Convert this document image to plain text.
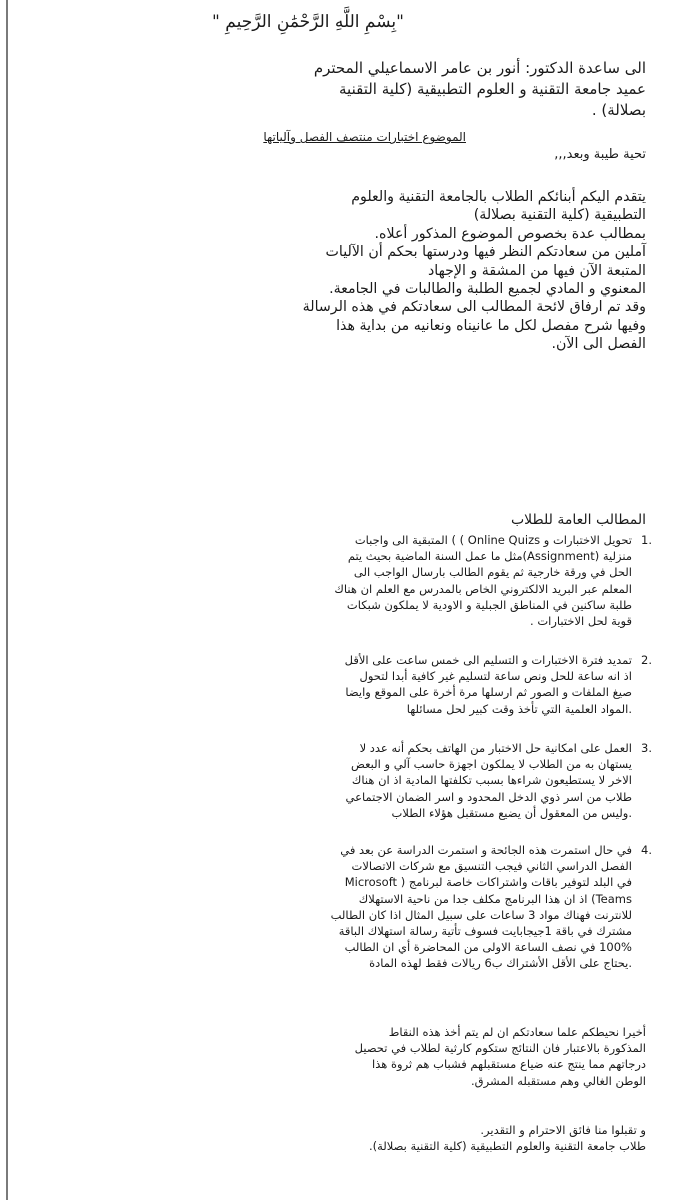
"بِسْمِ اللَّهِ الرَّحْمَٰنِ الرَّحِيمِ "

الى ساعدة الدكتور: أنور بن عامر الاسماعيلي المحترم

عميد جامعة التقنية و العلوم التطبيقية (كلية التقنية

بصلالة) .

الموضوع اختبارات منتصف الفصل وآلياتها

تحية طيبة وبعد,,,

يتقدم اليكم أبنائكم الطلاب بالجامعة التقنية والعلوم

التطبيقية (كلية التقنية بصلالة)

بمطالب عدة بخصوص الموضوع المذكور أعلاه.

آملين من سعادتكم النظر فيها ودرستها بحكم أن الآليات

المتبعة الآن فيها من المشقة و الإجهاد

المعنوي و المادي لجميع الطلبة والطالبات في الجامعة.

وقد تم ارفاق لائحة المطالب الى سعادتكم في هذه الرسالة

وفيها شرح مفصل لكل ما عانيناه ونعانيه من بداية هذا

الفصل الى الآن.

المطالب العامة للطلاب

1.

تحويل الاختبارات و Online Quizs ) ) المتبقية الى واجبات

منزلية (Assignment)مثل ما عمل السنة الماضية بحيث يتم

الحل في ورقة خارجية ثم يقوم الطالب بارسال الواجب الى

المعلم عبر البريد الالكتروني الخاص بالمدرس مع العلم ان هناك

طلبة ساكنين في المناطق الجبلية و الاودية لا يملكون شبكات

قوية لحل الاختبارات .

2.

تمديد فترة الاختبارات و التسليم الى خمس ساعت على الأقل

اذ انه ساعة للحل ونص ساعة لتسليم غير كافية أبدا لتحول

صيغ الملفات و الصور ثم ارسلها مرة أخرة على الموقع وايضا

.المواد العلمية التي تأخذ وقت كبير لحل مسائلها

3.

العمل على امكانية حل الاختبار من الهاتف بحكم أنه عدد لا

يستهان به من الطلاب لا يملكون اجهزة حاسب آلي و البعض

الاخر لا يستطيعون شراءها بسبب تكلفتها المادية اذ ان هناك

طلاب من اسر ذوي الدخل المحدود و اسر الضمان الاجتماعي

.وليس من المعقول أن يضيع مستقبل هؤلاء الطلاب

4.

في حال استمرت هذه الجائحة و استمرت الدراسة عن بعد في

الفصل الدراسي الثاني فيجب التنسيق مع شركات الاتصالات

في البلد لتوفير باقات واشتراكات خاصة لبرنامج ( Microsoft

Teams) اذ ان هذا البرنامج مكلف جدا من ناحية الاستهلاك

للانترنت فهناك مواد 3 ساعات على سبيل المثال اذا كان الطالب

مشترك في باقة 1جيجابايت فسوف تأتية رسالة استهلاك الباقة

100% في نصف الساعة الاولى من المحاضرة أي ان الطالب

.يحتاج على الأقل الأشتراك ب6 ريالات فقط لهذه المادة

أخيرا نحيطكم علما سعادتكم ان لم يتم أخذ هذه النقاط

المذكورة بالاعتبار فان النتائج ستكوم كارثية لطلاب في تحصيل

درجاتهم مما ينتج عنه ضياع مستقبلهم فشباب هم ثروة هذا

الوطن الغالي وهم مستقبله المشرق.

و تقبلوا منا فائق الاحترام و التقدير.

طلاب جامعة التقنية والعلوم التطبيقية (كلية التقنية بصلالة).
